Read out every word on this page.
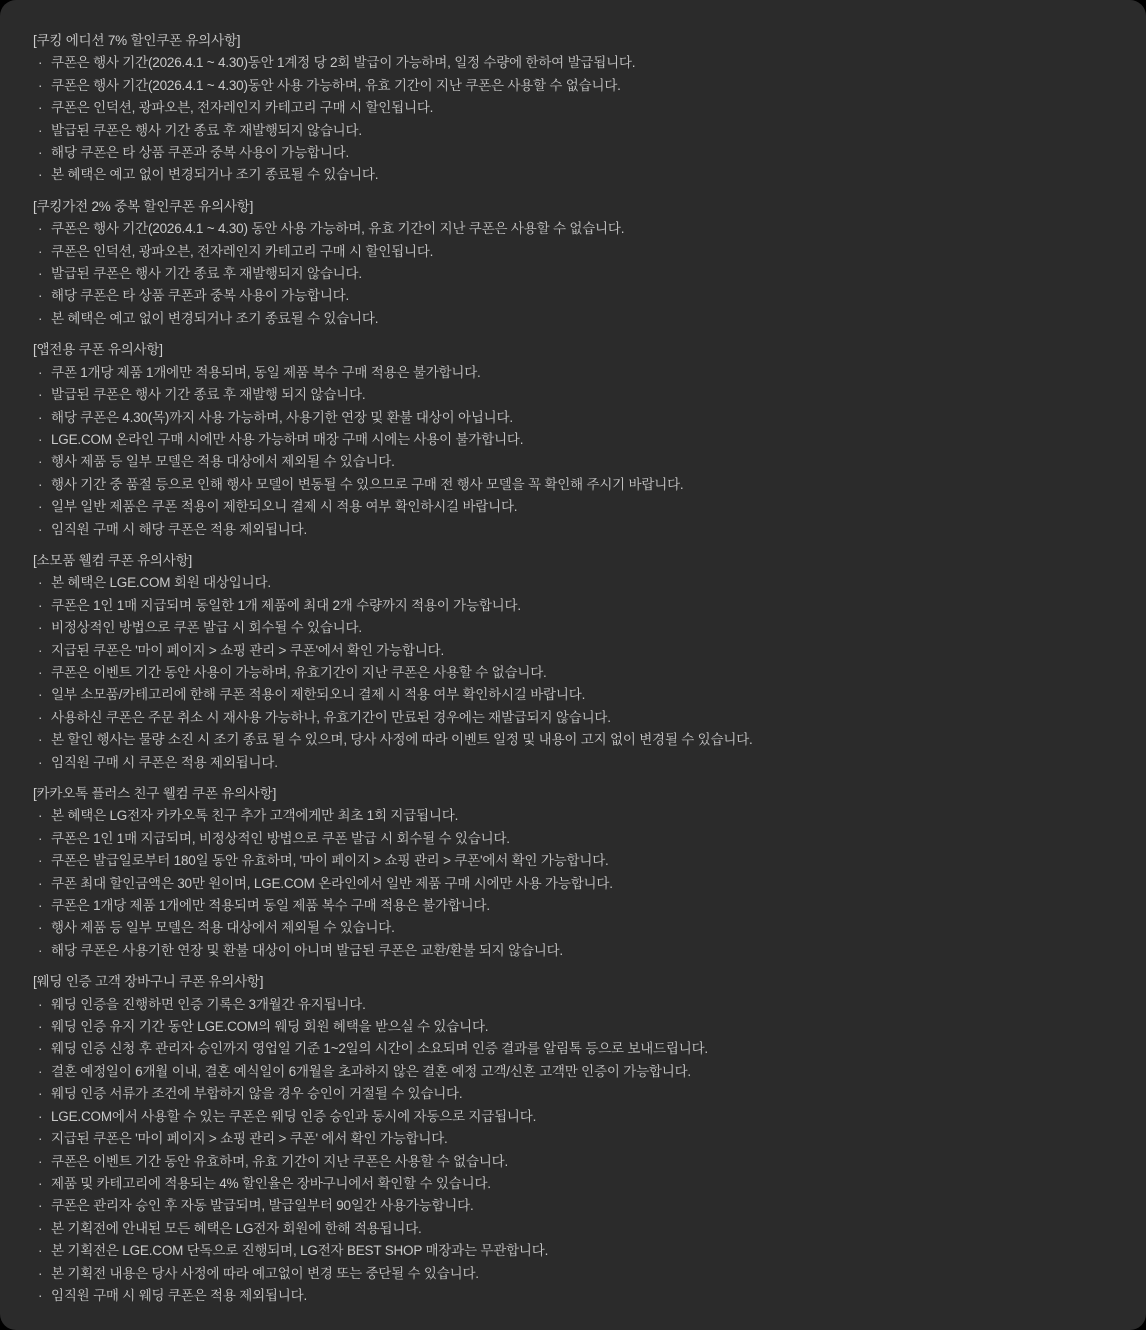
[쿠킹 에디션 7% 할인쿠폰 유의사항]
· 쿠폰은 행사 기간(2026.4.1 ~ 4.30)동안 1계정 당 2회 발급이 가능하며, 일정 수량에 한하여 발급됩니다.
· 쿠폰은 행사 기간(2026.4.1 ~ 4.30)동안 사용 가능하며, 유효 기간이 지난 쿠폰은 사용할 수 없습니다.
· 쿠폰은 인덕션, 광파오븐, 전자레인지 카테고리 구매 시 할인됩니다.
· 발급된 쿠폰은 행사 기간 종료 후 재발행되지 않습니다.
· 해당 쿠폰은 타 상품 쿠폰과 중복 사용이 가능합니다.
· 본 혜택은 예고 없이 변경되거나 조기 종료될 수 있습니다.
[쿠킹가전 2% 중복 할인쿠폰 유의사항]
· 쿠폰은 행사 기간(2026.4.1 ~ 4.30) 동안 사용 가능하며, 유효 기간이 지난 쿠폰은 사용할 수 없습니다.
· 쿠폰은 인덕션, 광파오븐, 전자레인지 카테고리 구매 시 할인됩니다.
· 발급된 쿠폰은 행사 기간 종료 후 재발행되지 않습니다.
· 해당 쿠폰은 타 상품 쿠폰과 중복 사용이 가능합니다.
· 본 혜택은 예고 없이 변경되거나 조기 종료될 수 있습니다.
[앱전용 쿠폰 유의사항]
· 쿠폰 1개당 제품 1개에만 적용되며, 동일 제품 복수 구매 적용은 불가합니다.
· 발급된 쿠폰은 행사 기간 종료 후 재발행 되지 않습니다.
· 해당 쿠폰은 4.30(목)까지 사용 가능하며, 사용기한 연장 및 환불 대상이 아닙니다.
· LGE.COM 온라인 구매 시에만 사용 가능하며 매장 구매 시에는 사용이 불가합니다.
· 행사 제품 등 일부 모델은 적용 대상에서 제외될 수 있습니다.
· 행사 기간 중 품절 등으로 인해 행사 모델이 변동될 수 있으므로 구매 전 행사 모델을 꼭 확인해 주시기 바랍니다.
· 일부 일반 제품은 쿠폰 적용이 제한되오니 결제 시 적용 여부 확인하시길 바랍니다.
· 임직원 구매 시 해당 쿠폰은 적용 제외됩니다.
[소모품 웰컴 쿠폰 유의사항]
· 본 혜택은 LGE.COM 회원 대상입니다.
· 쿠폰은 1인 1매 지급되며 동일한 1개 제품에 최대 2개 수량까지 적용이 가능합니다.
· 비정상적인 방법으로 쿠폰 발급 시 회수될 수 있습니다.
· 지급된 쿠폰은 '마이 페이지 > 쇼핑 관리 > 쿠폰'에서 확인 가능합니다.
· 쿠폰은 이벤트 기간 동안 사용이 가능하며, 유효기간이 지난 쿠폰은 사용할 수 없습니다.
· 일부 소모품/카테고리에 한해 쿠폰 적용이 제한되오니 결제 시 적용 여부 확인하시길 바랍니다.
· 사용하신 쿠폰은 주문 취소 시 재사용 가능하나, 유효기간이 만료된 경우에는 재발급되지 않습니다.
· 본 할인 행사는 물량 소진 시 조기 종료 될 수 있으며, 당사 사정에 따라 이벤트 일정 및 내용이 고지 없이 변경될 수 있습니다.
· 임직원 구매 시 쿠폰은 적용 제외됩니다.
[카카오톡 플러스 친구 웰컴 쿠폰 유의사항]
· 본 혜택은 LG전자 카카오톡 친구 추가 고객에게만 최초 1회 지급됩니다.
· 쿠폰은 1인 1매 지급되며, 비정상적인 방법으로 쿠폰 발급 시 회수될 수 있습니다.
· 쿠폰은 발급일로부터 180일 동안 유효하며, '마이 페이지 > 쇼핑 관리 > 쿠폰'에서 확인 가능합니다.
· 쿠폰 최대 할인금액은 30만 원이며, LGE.COM 온라인에서 일반 제품 구매 시에만 사용 가능합니다.
· 쿠폰은 1개당 제품 1개에만 적용되며 동일 제품 복수 구매 적용은 불가합니다.
· 행사 제품 등 일부 모델은 적용 대상에서 제외될 수 있습니다.
· 해당 쿠폰은 사용기한 연장 및 환불 대상이 아니며 발급된 쿠폰은 교환/환불 되지 않습니다.
[웨딩 인증 고객 장바구니 쿠폰 유의사항]
· 웨딩 인증을 진행하면 인증 기록은 3개월간 유지됩니다.
· 웨딩 인증 유지 기간 동안 LGE.COM의 웨딩 회원 혜택을 받으실 수 있습니다.
· 웨딩 인증 신청 후 관리자 승인까지 영업일 기준 1~2일의 시간이 소요되며 인증 결과를 알림톡 등으로 보내드립니다.
· 결혼 예정일이 6개월 이내, 결혼 예식일이 6개월을 초과하지 않은 결혼 예정 고객/신혼 고객만 인증이 가능합니다.
· 웨딩 인증 서류가 조건에 부합하지 않을 경우 승인이 거절될 수 있습니다.
· LGE.COM에서 사용할 수 있는 쿠폰은 웨딩 인증 승인과 동시에 자동으로 지급됩니다.
· 지급된 쿠폰은 '마이 페이지 > 쇼핑 관리 > 쿠폰' 에서 확인 가능합니다.
· 쿠폰은 이벤트 기간 동안 유효하며, 유효 기간이 지난 쿠폰은 사용할 수 없습니다.
· 제품 및 카테고리에 적용되는 4% 할인율은 장바구니에서 확인할 수 있습니다.
· 쿠폰은 관리자 승인 후 자동 발급되며, 발급일부터 90일간 사용가능합니다.
· 본 기획전에 안내된 모든 혜택은 LG전자 회원에 한해 적용됩니다.
· 본 기획전은 LGE.COM 단독으로 진행되며, LG전자 BEST SHOP 매장과는 무관합니다.
· 본 기획전 내용은 당사 사정에 따라 예고없이 변경 또는 중단될 수 있습니다.
· 임직원 구매 시 웨딩 쿠폰은 적용 제외됩니다.
